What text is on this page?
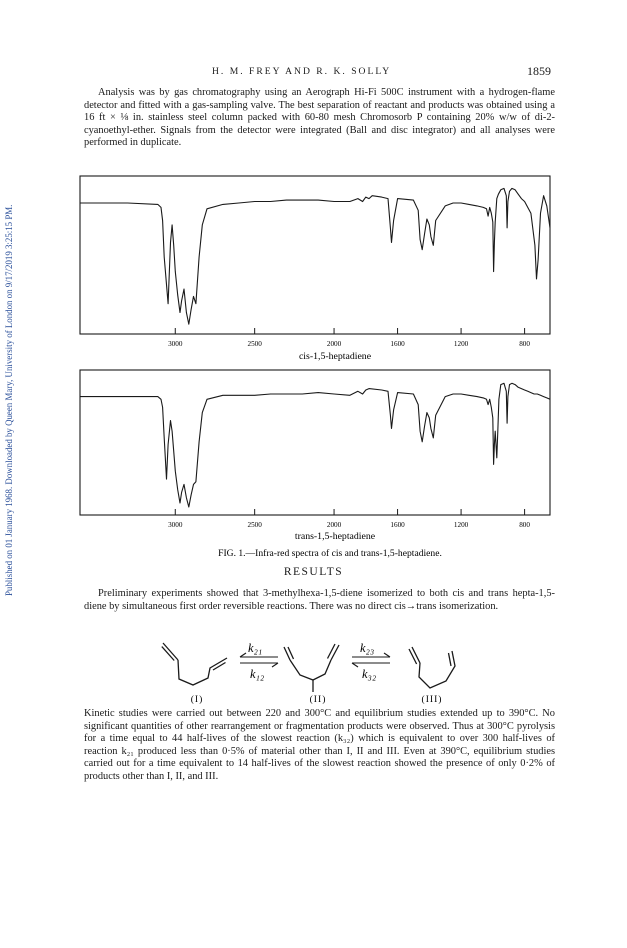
Published on 01 January 1968. Downloaded by Queen Mary, University of London on 9/17/2019 3:25:15 PM.
H. M. FREY AND R. K. SOLLY	1859
Analysis was by gas chromatography using an Aerograph Hi-Fi 500C instrument with a hydrogen-flame detector and fitted with a gas-sampling valve. The best separation of reactant and products was obtained using a 16 ft × ⅛ in. stainless steel column packed with 60-80 mesh Chromosorb P containing 20% w/w of di-2-cyanoethyl-ether. Signals from the detector were integrated (Ball and disc integrator) and all analyses were performed in duplicate.
3000	2500	2000	1600	1200	800
cis-1,5-heptadiene
3000	2500	2000	1600	1200	800
trans-1,5-heptadiene
FIG. 1.—Infra-red spectra of cis and trans-1,5-heptadiene.
RESULTS
Preliminary experiments showed that 3-methylhexa-1,5-diene isomerized to both cis and trans hepta-1,5-diene by simultaneous first order reversible reactions. There was no direct cis→trans isomerization.
k₂₁
k₁₂
k₂₃
k₃₂
(I)	(II)	(III)
Kinetic studies were carried out between 220 and 300°C and equilibrium studies extended up to 390°C. No significant quantities of other rearrangement or fragmentation products were observed. Thus at 300°C pyrolysis for a time equal to 44 half-lives of the slowest reaction (k₃₂) which is equivalent to over 300 half-lives of reaction k₂₁ produced less than 0·5% of material other than I, II and III. Even at 390°C, equilibrium studies carried out for a time equivalent to 14 half-lives of the slowest reaction showed the presence of only 0·2% of products other than I, II, and III.
